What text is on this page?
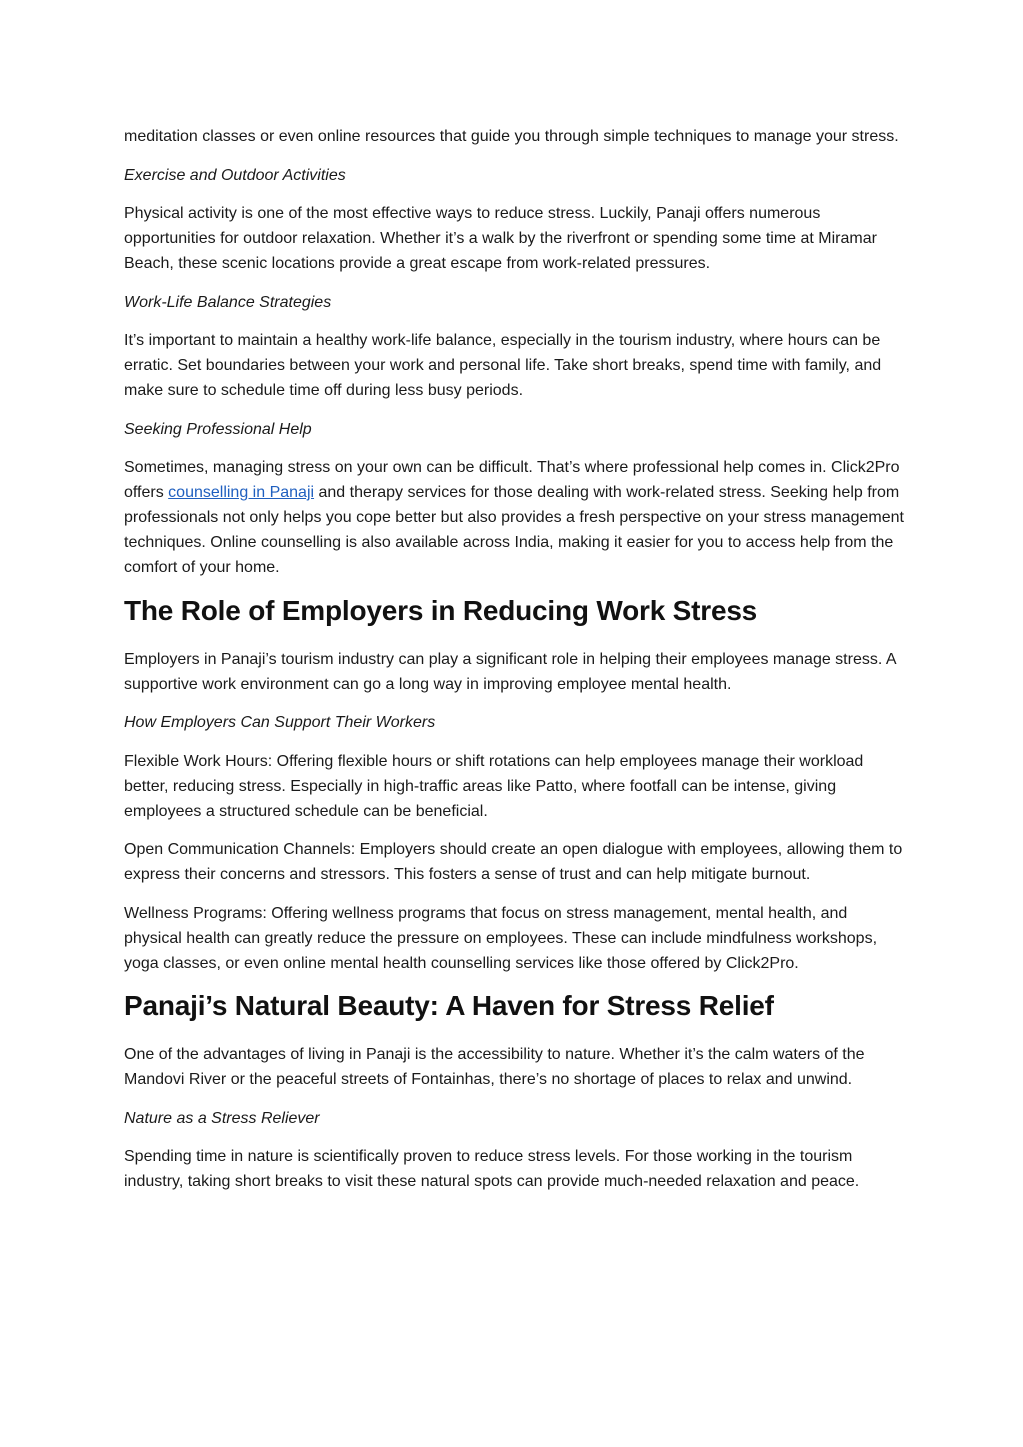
meditation classes or even online resources that guide you through simple techniques to manage your stress.

Exercise and Outdoor Activities

Physical activity is one of the most effective ways to reduce stress. Luckily, Panaji offers numerous opportunities for outdoor relaxation. Whether it’s a walk by the riverfront or spending some time at Miramar Beach, these scenic locations provide a great escape from work-related pressures.

Work-Life Balance Strategies

It’s important to maintain a healthy work-life balance, especially in the tourism industry, where hours can be erratic. Set boundaries between your work and personal life. Take short breaks, spend time with family, and make sure to schedule time off during less busy periods.

Seeking Professional Help

Sometimes, managing stress on your own can be difficult. That’s where professional help comes in. Click2Pro offers counselling in Panaji and therapy services for those dealing with work-related stress. Seeking help from professionals not only helps you cope better but also provides a fresh perspective on your stress management techniques. Online counselling is also available across India, making it easier for you to access help from the comfort of your home.

The Role of Employers in Reducing Work Stress

Employers in Panaji’s tourism industry can play a significant role in helping their employees manage stress. A supportive work environment can go a long way in improving employee mental health.

How Employers Can Support Their Workers

Flexible Work Hours: Offering flexible hours or shift rotations can help employees manage their workload better, reducing stress. Especially in high-traffic areas like Patto, where footfall can be intense, giving employees a structured schedule can be beneficial.

Open Communication Channels: Employers should create an open dialogue with employees, allowing them to express their concerns and stressors. This fosters a sense of trust and can help mitigate burnout.

Wellness Programs: Offering wellness programs that focus on stress management, mental health, and physical health can greatly reduce the pressure on employees. These can include mindfulness workshops, yoga classes, or even online mental health counselling services like those offered by Click2Pro.

Panaji’s Natural Beauty: A Haven for Stress Relief

One of the advantages of living in Panaji is the accessibility to nature. Whether it’s the calm waters of the Mandovi River or the peaceful streets of Fontainhas, there’s no shortage of places to relax and unwind.

Nature as a Stress Reliever

Spending time in nature is scientifically proven to reduce stress levels. For those working in the tourism industry, taking short breaks to visit these natural spots can provide much-needed relaxation and peace.
